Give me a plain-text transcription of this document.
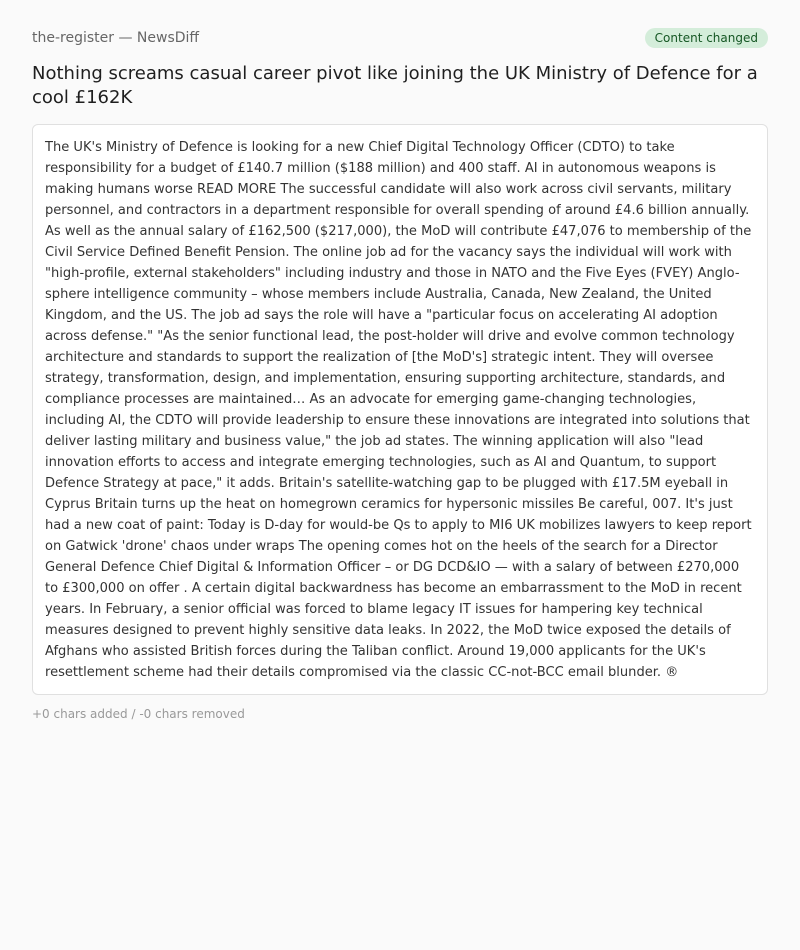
the-register — NewsDiff	Content changed
Nothing screams casual career pivot like joining the UK Ministry of Defence for a cool £162K

The UK's Ministry of Defence is looking for a new Chief Digital Technology Officer (CDTO) to take responsibility for a budget of £140.7 million ($188 million) and 400 staff. AI in autonomous weapons is making humans worse READ MORE The successful candidate will also work across civil servants, military personnel, and contractors in a department responsible for overall spending of around £4.6 billion annually. As well as the annual salary of £162,500 ($217,000), the MoD will contribute £47,076 to membership of the Civil Service Defined Benefit Pension. The online job ad for the vacancy says the individual will work with "high-profile, external stakeholders" including industry and those in NATO and the Five Eyes (FVEY) Anglo-sphere intelligence community – whose members include Australia, Canada, New Zealand, the United Kingdom, and the US. The job ad says the role will have a "particular focus on accelerating AI adoption across defense." "As the senior functional lead, the post-holder will drive and evolve common technology architecture and standards to support the realization of [the MoD's] strategic intent. They will oversee strategy, transformation, design, and implementation, ensuring supporting architecture, standards, and compliance processes are maintained… As an advocate for emerging game-changing technologies, including AI, the CDTO will provide leadership to ensure these innovations are integrated into solutions that deliver lasting military and business value," the job ad states. The winning application will also "lead innovation efforts to access and integrate emerging technologies, such as AI and Quantum, to support Defence Strategy at pace," it adds. Britain's satellite-watching gap to be plugged with £17.5M eyeball in Cyprus Britain turns up the heat on homegrown ceramics for hypersonic missiles Be careful, 007. It's just had a new coat of paint: Today is D-day for would-be Qs to apply to MI6 UK mobilizes lawyers to keep report on Gatwick 'drone' chaos under wraps The opening comes hot on the heels of the search for a Director General Defence Chief Digital & Information Officer – or DG DCD&IO — with a salary of between £270,000 to £300,000 on offer . A certain digital backwardness has become an embarrassment to the MoD in recent years. In February, a senior official was forced to blame legacy IT issues for hampering key technical measures designed to prevent highly sensitive data leaks. In 2022, the MoD twice exposed the details of Afghans who assisted British forces during the Taliban conflict. Around 19,000 applicants for the UK's resettlement scheme had their details compromised via the classic CC-not-BCC email blunder. ®

+0 chars added / -0 chars removed
